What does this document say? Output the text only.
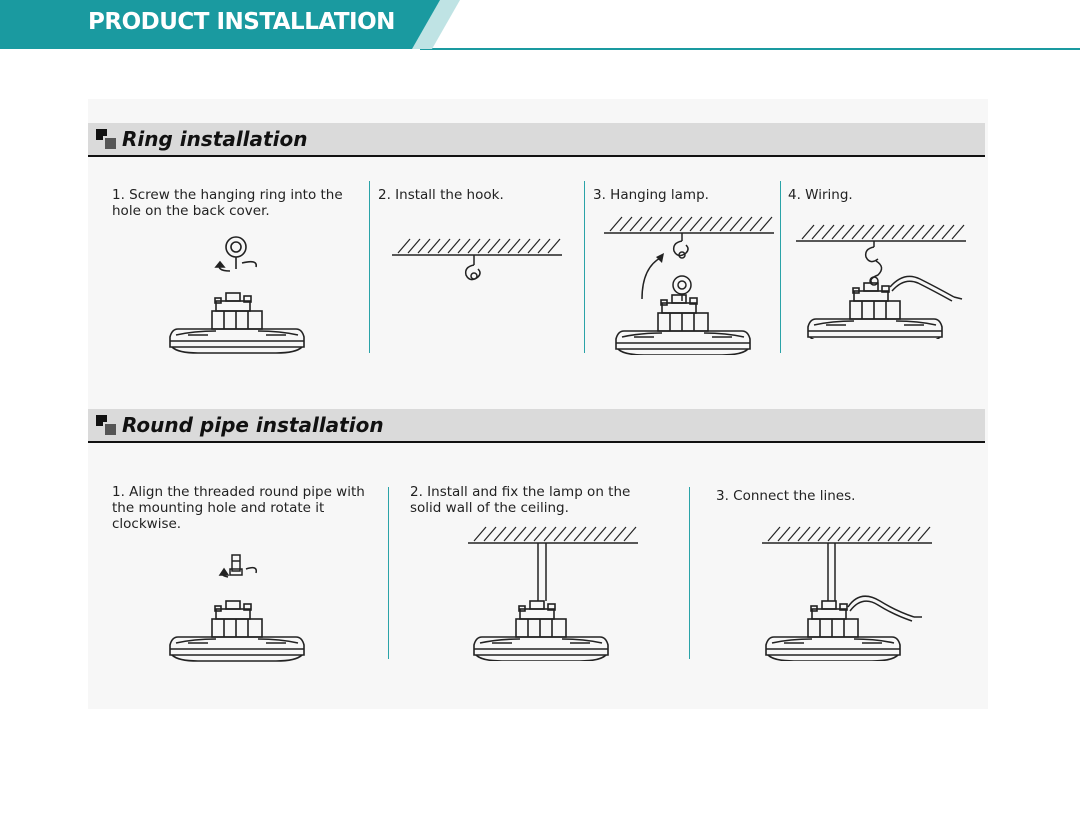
PRODUCT INSTALLATION
Ring installation
1. Screw the hanging ring into the hole on the back cover.
2. Install the hook.	3. Hanging lamp.	4. Wiring.
Round pipe installation
1. Align the threaded round pipe with the mounting hole and rotate it clockwise.
2. Install and fix the lamp on the solid wall of the ceiling.
3. Connect the lines.
